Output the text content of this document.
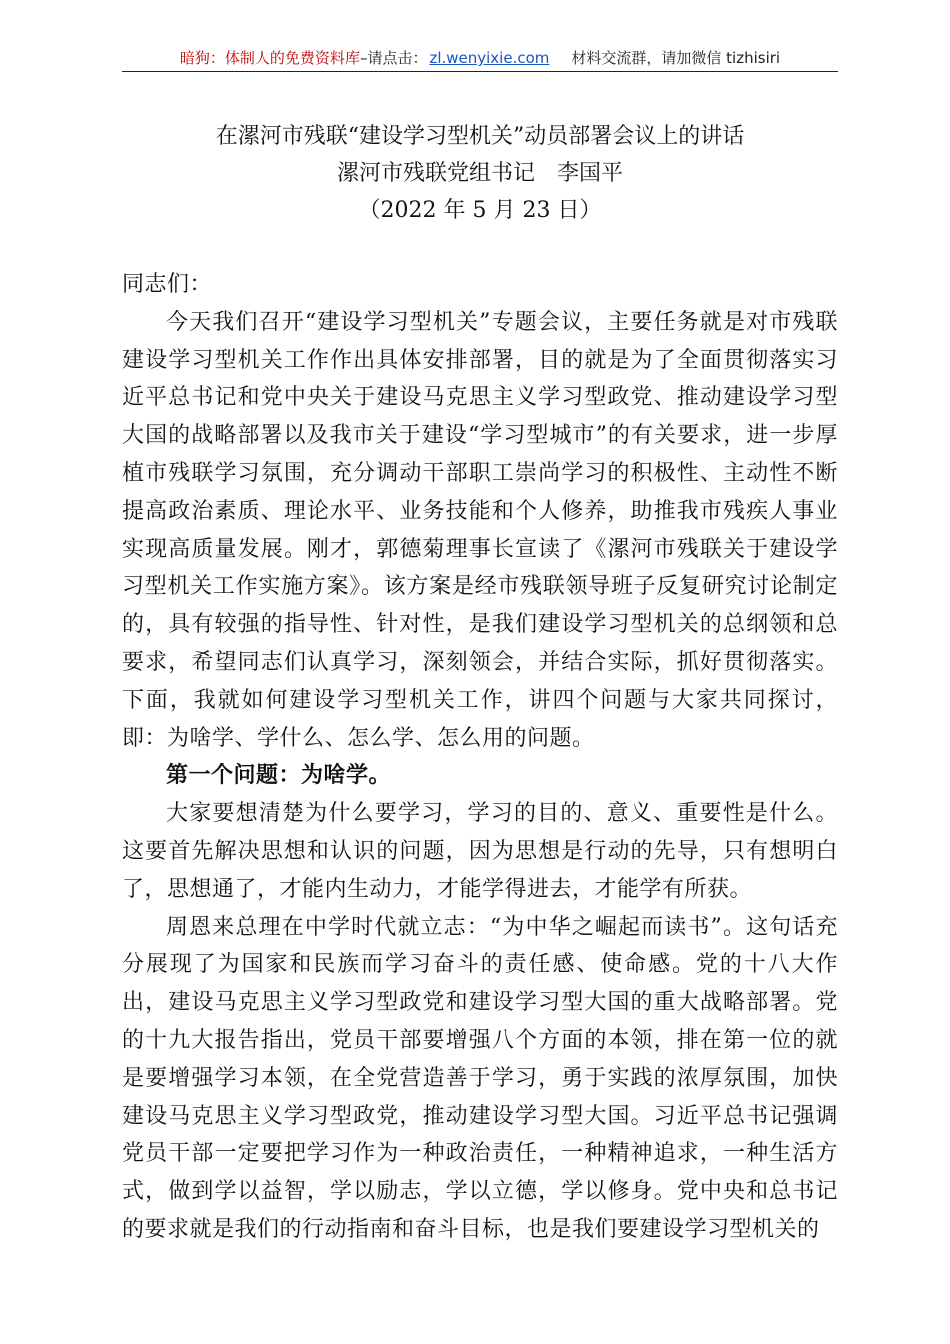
暗狗：体制人的免费资料库–请点击： zl.wenyixie.com 材料交流群，请加微信 tizhisiri
在漯河市残联“建设学习型机关”动员部署会议上的讲话
漯河市残联党组书记　李国平
（2022 年 5 月 23 日）

同志们：

今天我们召开“建设学习型机关”专题会议，主要任务就是对市残联建设学习型机关工作作出具体安排部署，目的就是为了全面贯彻落实习近平总书记和党中央关于建设马克思主义学习型政党、推动建设学习型大国的战略部署以及我市关于建设“学习型城市”的有关要求，进一步厚植市残联学习氛围，充分调动干部职工崇尚学习的积极性、主动性不断提高政治素质、理论水平、业务技能和个人修养，助推我市残疾人事业实现高质量发展。刚才，郭德菊理事长宣读了《漯河市残联关于建设学习型机关工作实施方案》。该方案是经市残联领导班子反复研究讨论制定的，具有较强的指导性、针对性，是我们建设学习型机关的总纲领和总要求，希望同志们认真学习，深刻领会，并结合实际，抓好贯彻落实。下面，我就如何建设学习型机关工作，讲四个问题与大家共同探讨，即：为啥学、学什么、怎么学、怎么用的问题。

第一个问题：为啥学。

大家要想清楚为什么要学习，学习的目的、意义、重要性是什么。这要首先解决思想和认识的问题，因为思想是行动的先导，只有想明白了，思想通了，才能内生动力，才能学得进去，才能学有所获。

周恩来总理在中学时代就立志：“为中华之崛起而读书”。这句话充分展现了为国家和民族而学习奋斗的责任感、使命感。党的十八大作出，建设马克思主义学习型政党和建设学习型大国的重大战略部署。党的十九大报告指出，党员干部要增强八个方面的本领，排在第一位的就是要增强学习本领，在全党营造善于学习，勇于实践的浓厚氛围，加快建设马克思主义学习型政党，推动建设学习型大国。习近平总书记强调党员干部一定要把学习作为一种政治责任，一种精神追求，一种生活方式，做到学以益智，学以励志，学以立德，学以修身。党中央和总书记的要求就是我们的行动指南和奋斗目标，也是我们要建设学习型机关的
